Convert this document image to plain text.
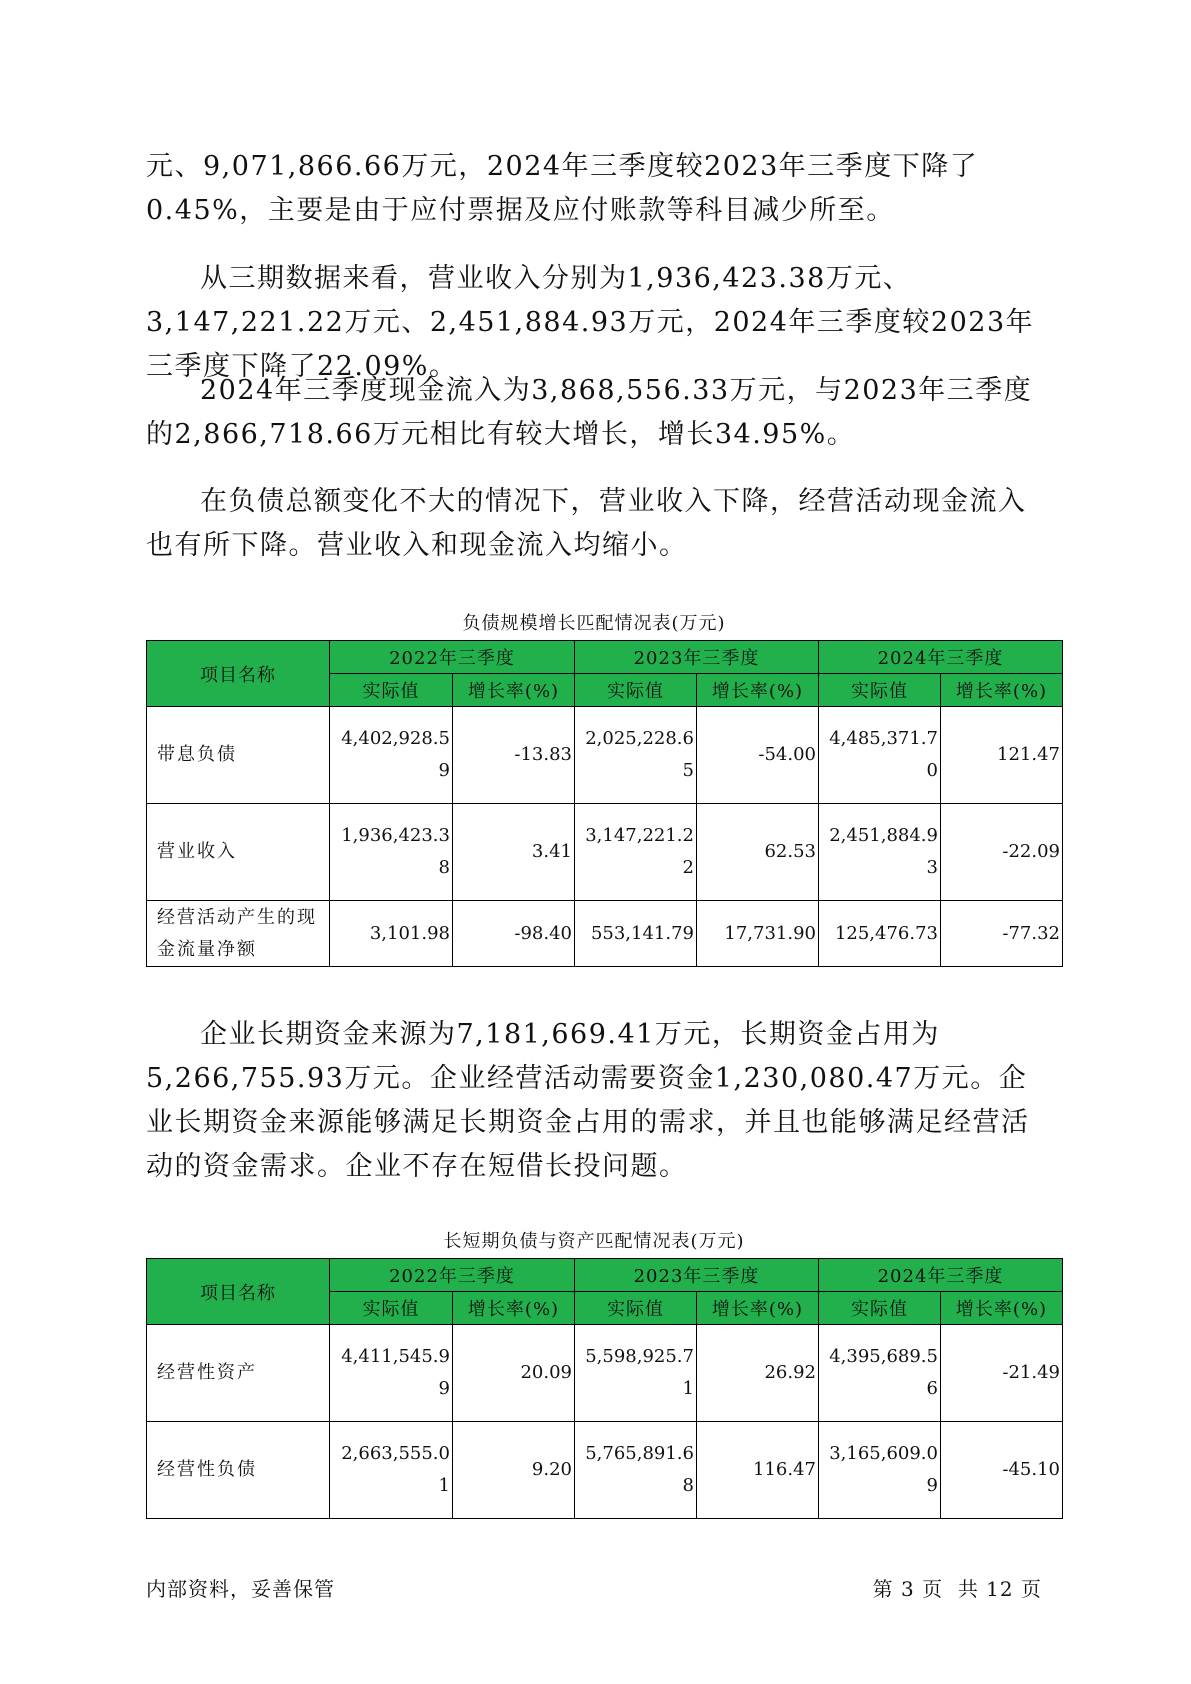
元、9,071,866.66万元，2024年三季度较2023年三季度下降了0.45%，主要是由于应付票据及应付账款等科目减少所至。

从三期数据来看，营业收入分别为1,936,423.38万元、3,147,221.22万元、2,451,884.93万元，2024年三季度较2023年三季度下降了22.09%。

2024年三季度现金流入为3,868,556.33万元，与2023年三季度的2,866,718.66万元相比有较大增长，增长34.95%。

在负债总额变化不大的情况下，营业收入下降，经营活动现金流入也有所下降。营业收入和现金流入均缩小。

负债规模增长匹配情况表(万元)
项目名称	2022年三季度		2023年三季度		2024年三季度	
	实际值	增长率(%)	实际值	增长率(%)	实际值	增长率(%)
带息负债	4,402,928.59	-13.83	2,025,228.65	-54.00	4,485,371.70	121.47
营业收入	1,936,423.38	3.41	3,147,221.22	62.53	2,451,884.93	-22.09
经营活动产生的现金流量净额	3,101.98	-98.40	553,141.79	17,731.90	125,476.73	-77.32

企业长期资金来源为7,181,669.41万元，长期资金占用为5,266,755.93万元。企业经营活动需要资金1,230,080.47万元。企业长期资金来源能够满足长期资金占用的需求，并且也能够满足经营活动的资金需求。企业不存在短借长投问题。

长短期负债与资产匹配情况表(万元)
项目名称	2022年三季度		2023年三季度		2024年三季度	
	实际值	增长率(%)	实际值	增长率(%)	实际值	增长率(%)
经营性资产	4,411,545.99	20.09	5,598,925.71	26.92	4,395,689.56	-21.49
经营性负债	2,663,555.01	9.20	5,765,891.68	116.47	3,165,609.09	-45.10
内部资料，妥善保管	第 3 页  共 12 页
